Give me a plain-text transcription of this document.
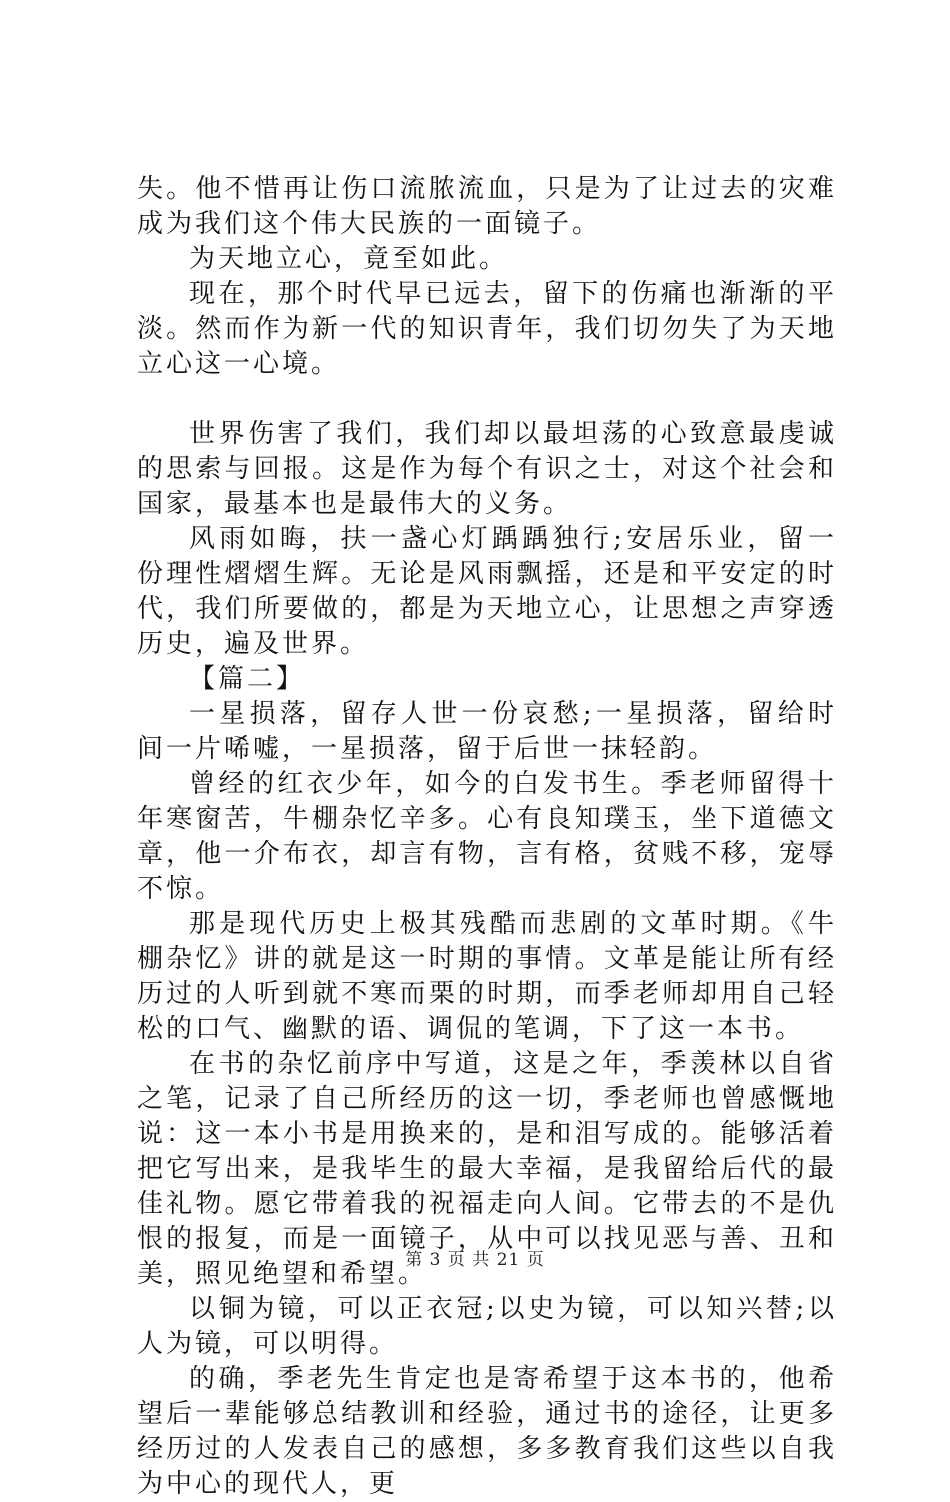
失。他不惜再让伤口流脓流血，只是为了让过去的灾难成为我们这个伟大民族的一面镜子。

为天地立心，竟至如此。

现在，那个时代早已远去，留下的伤痛也渐渐的平淡。然而作为新一代的知识青年，我们切勿失了为天地立心这一心境。

世界伤害了我们，我们却以最坦荡的心致意最虔诚的思索与回报。这是作为每个有识之士，对这个社会和国家，最基本也是最伟大的义务。

风雨如晦，扶一盏心灯踽踽独行;安居乐业，留一份理性熠熠生辉。无论是风雨飘摇，还是和平安定的时代，我们所要做的，都是为天地立心，让思想之声穿透历史，遍及世界。

【篇二】

一星损落，留存人世一份哀愁;一星损落，留给时间一片唏嘘，一星损落，留于后世一抹轻韵。

曾经的红衣少年，如今的白发书生。季老师留得十年寒窗苦，牛棚杂忆辛多。心有良知璞玉，坐下道德文章，他一介布衣，却言有物，言有格，贫贱不移，宠辱不惊。

那是现代历史上极其残酷而悲剧的文革时期。《牛棚杂忆》讲的就是这一时期的事情。文革是能让所有经历过的人听到就不寒而栗的时期，而季老师却用自己轻松的口气、幽默的语、调侃的笔调，下了这一本书。

在书的杂忆前序中写道，这是之年，季羡林以自省之笔，记录了自己所经历的这一切，季老师也曾感慨地说：这一本小书是用换来的，是和泪写成的。能够活着把它写出来，是我毕生的最大幸福，是我留给后代的最佳礼物。愿它带着我的祝福走向人间。它带去的不是仇恨的报复，而是一面镜子，从中可以找见恶与善、丑和美，照见绝望和希望。

以铜为镜，可以正衣冠;以史为镜，可以知兴替;以人为镜，可以明得。

的确，季老先生肯定也是寄希望于这本书的，他希望后一辈能够总结教训和经验，通过书的途径，让更多经历过的人发表自己的感想，多多教育我们这些以自我为中心的现代人，更

第 3 页 共 21 页
